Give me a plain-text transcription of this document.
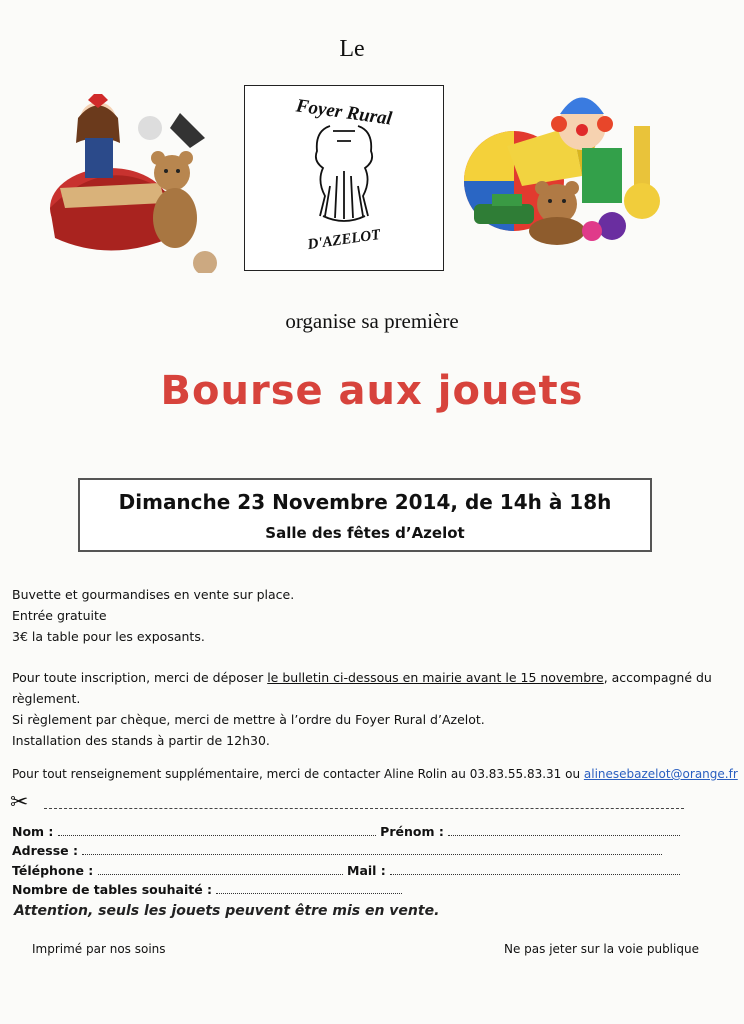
Le
Foyer Rural
D'AZELOT
organise sa première
Bourse aux jouets
Dimanche 23 Novembre 2014, de 14h à 18h
Salle des fêtes d’Azelot

Buvette et gourmandises en vente sur place.

Entrée gratuite

3€ la table pour les exposants.

Pour toute inscription, merci de déposer le bulletin ci-dessous en mairie avant le 15 novembre, accompagné du

règlement.

Si règlement par chèque, merci de mettre à l’ordre du Foyer Rural d’Azelot.

Installation des stands à partir de 12h30.

Pour tout renseignement supplémentaire, merci de contacter Aline Rolin au 03.83.55.83.31 ou alinesebazelot@orange.fr
✂
Nom :	Prénom :
Adresse :
Téléphone :	Mail :
Nombre de tables souhaité :
Attention, seuls les jouets peuvent être mis en vente.
Imprimé par nos soins	Ne pas jeter sur la voie publique
